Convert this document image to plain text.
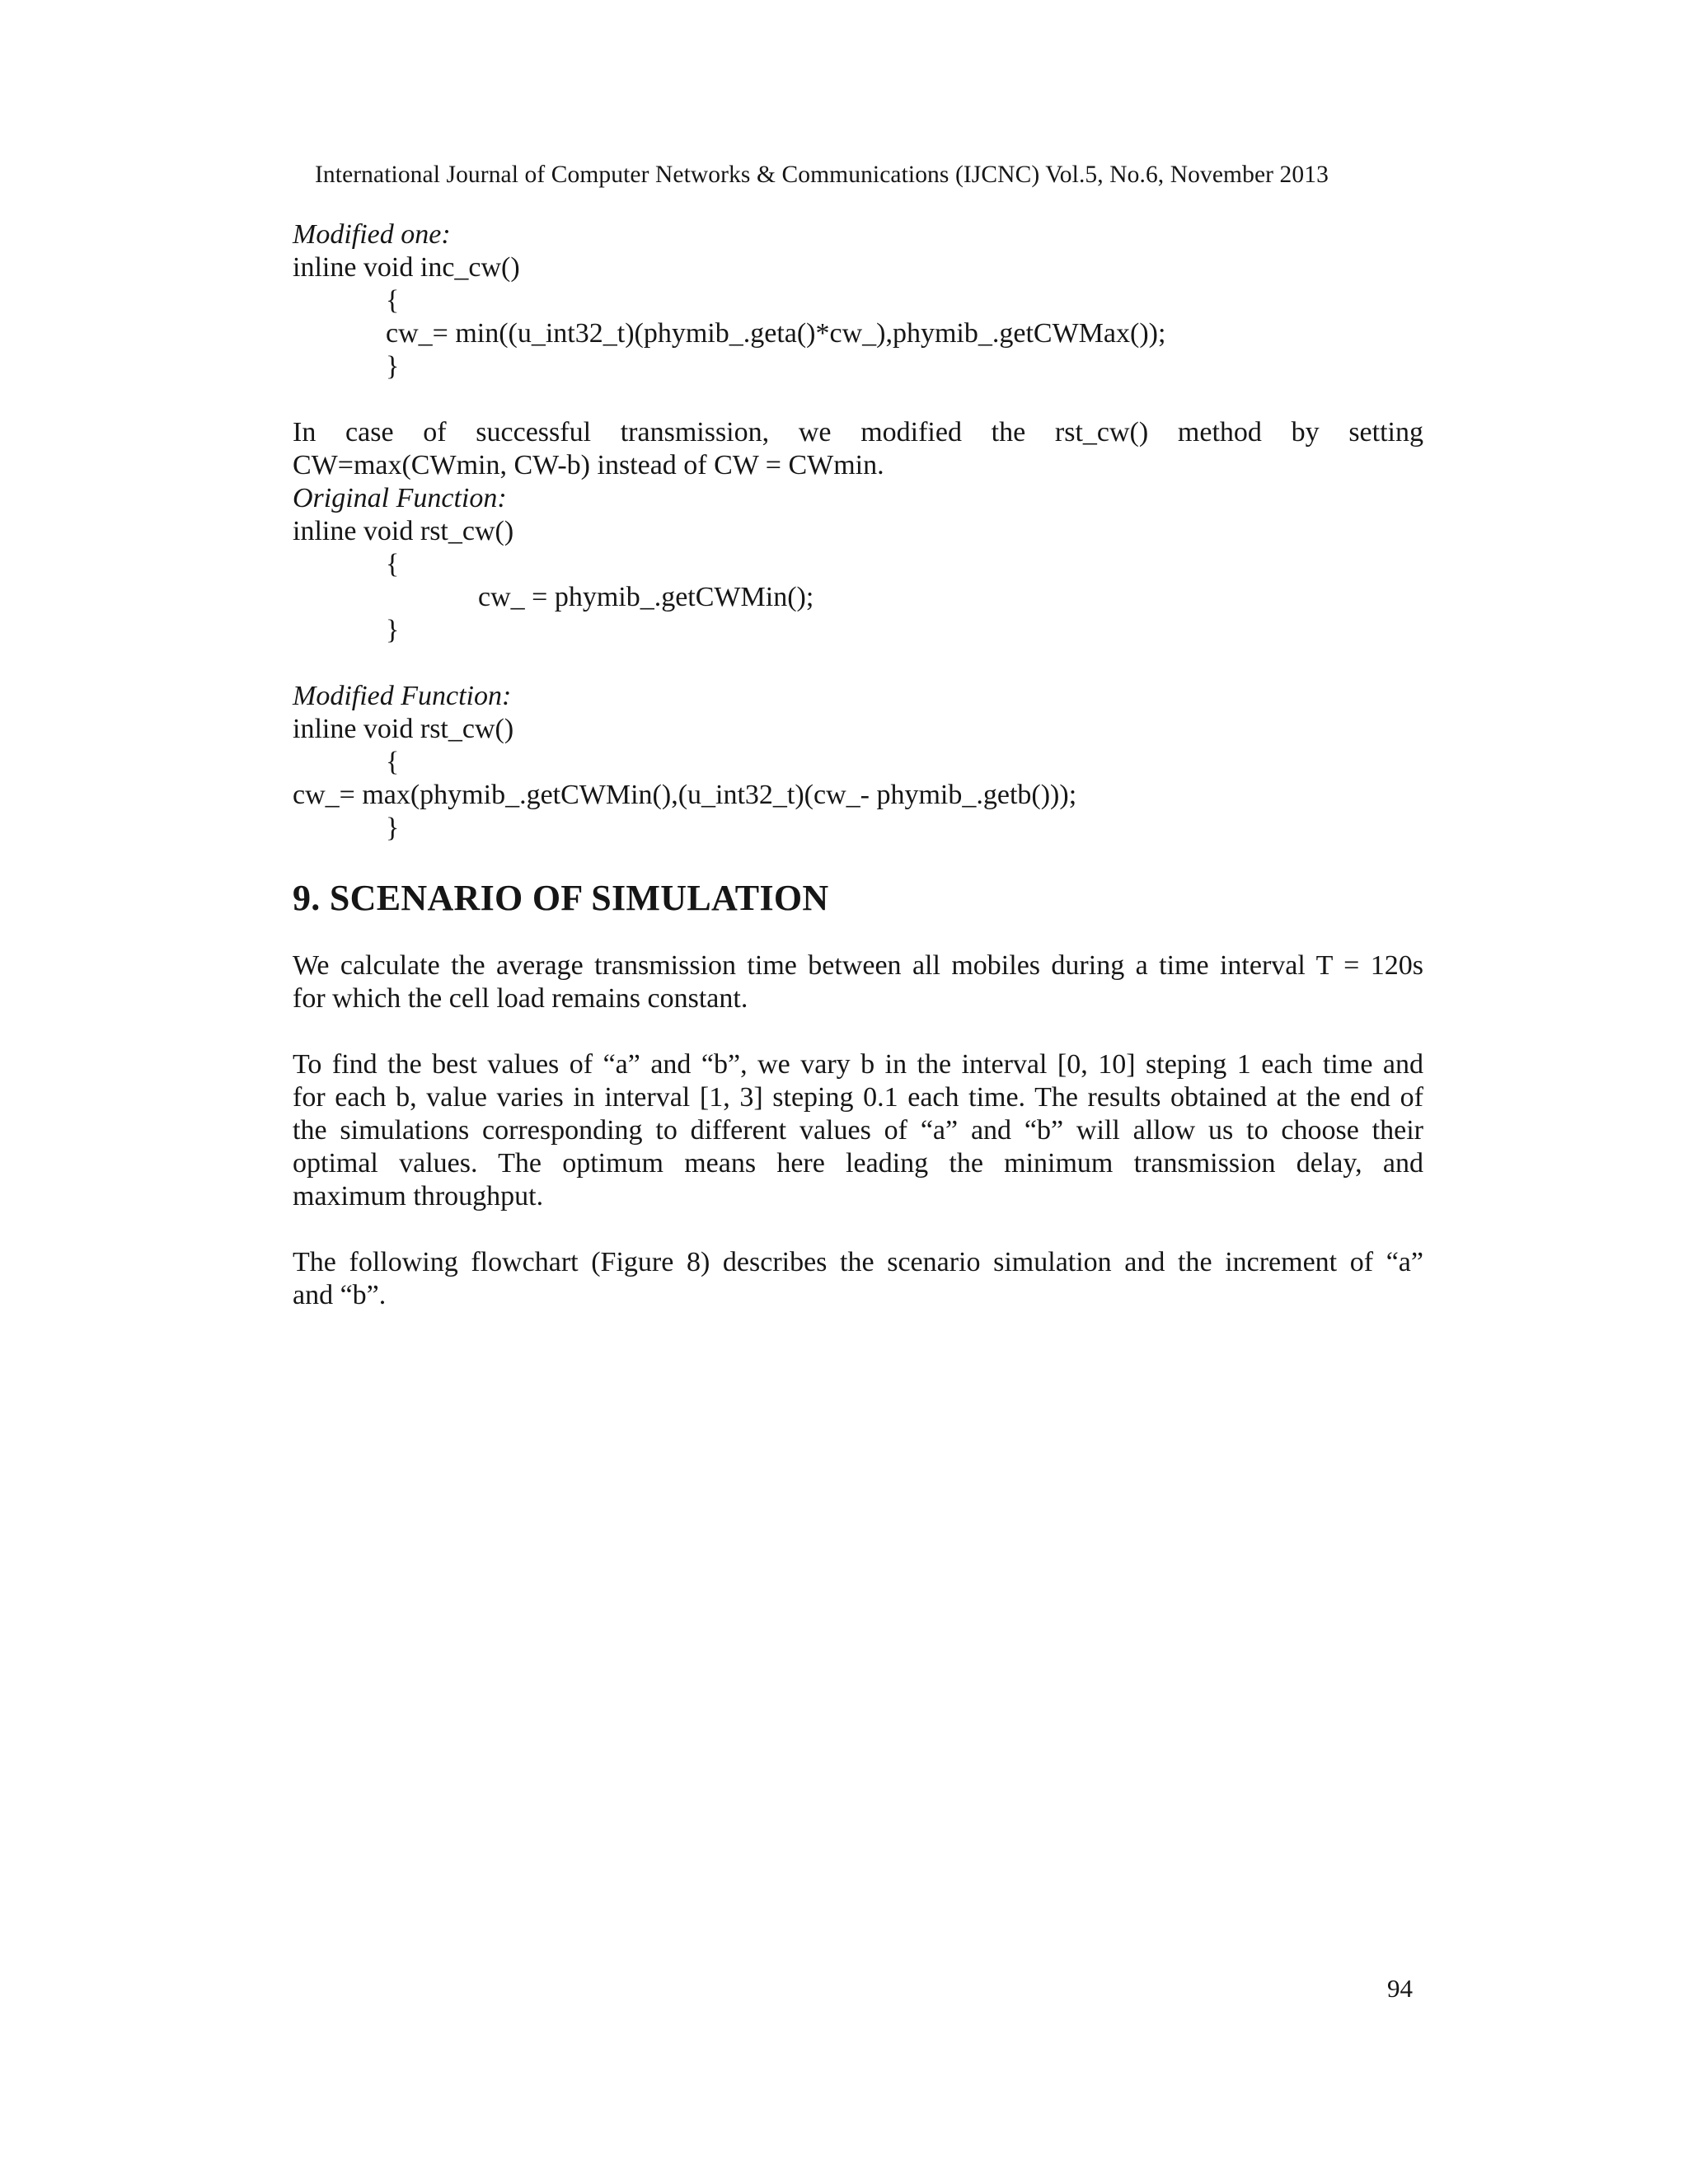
International Journal of Computer Networks & Communications (IJCNC) Vol.5, No.6, November 2013
Modified one:
inline void inc_cw()
{
cw_= min((u_int32_t)(phymib_.geta()*cw_),phymib_.getCWMax());
}
In case of successful transmission, we modified the rst_cw() method by setting
CW=max(CWmin, CW-b) instead of CW = CWmin.
Original Function:
inline void rst_cw()
{
cw_ = phymib_.getCWMin();
}
Modified Function:
inline void rst_cw()
{
cw_= max(phymib_.getCWMin(),(u_int32_t)(cw_- phymib_.getb()));
}
9. SCENARIO OF SIMULATION
We calculate the average transmission time between all mobiles during a time interval T = 120s
for which the cell load remains constant.
To find the best values of “a” and “b”, we vary b in the interval [0, 10] steping 1 each time and
for each b, value varies in interval [1, 3] steping 0.1 each time. The results obtained at the end of
the simulations corresponding to different values of “a” and “b” will allow us to choose their
optimal values. The optimum means here leading the minimum transmission delay, and
maximum throughput.
The following flowchart (Figure 8) describes the scenario simulation and the increment of “a”
and “b”.
94
